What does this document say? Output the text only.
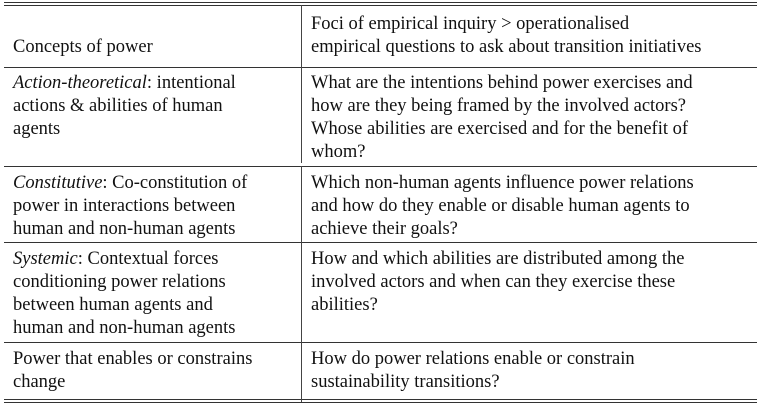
Concepts of power
Foci of empirical inquiry > operationalised
empirical questions to ask about transition initiatives
Action-theoretical: intentional
actions & abilities of human
agents
What are the intentions behind power exercises and
how are they being framed by the involved actors?
Whose abilities are exercised and for the benefit of
whom?
Constitutive: Co-constitution of
power in interactions between
human and non-human agents
Which non-human agents influence power relations
and how do they enable or disable human agents to
achieve their goals?
Systemic: Contextual forces
conditioning power relations
between human agents and
human and non-human agents
How and which abilities are distributed among the
involved actors and when can they exercise these
abilities?
Power that enables or constrains
change
How do power relations enable or constrain
sustainability transitions?
